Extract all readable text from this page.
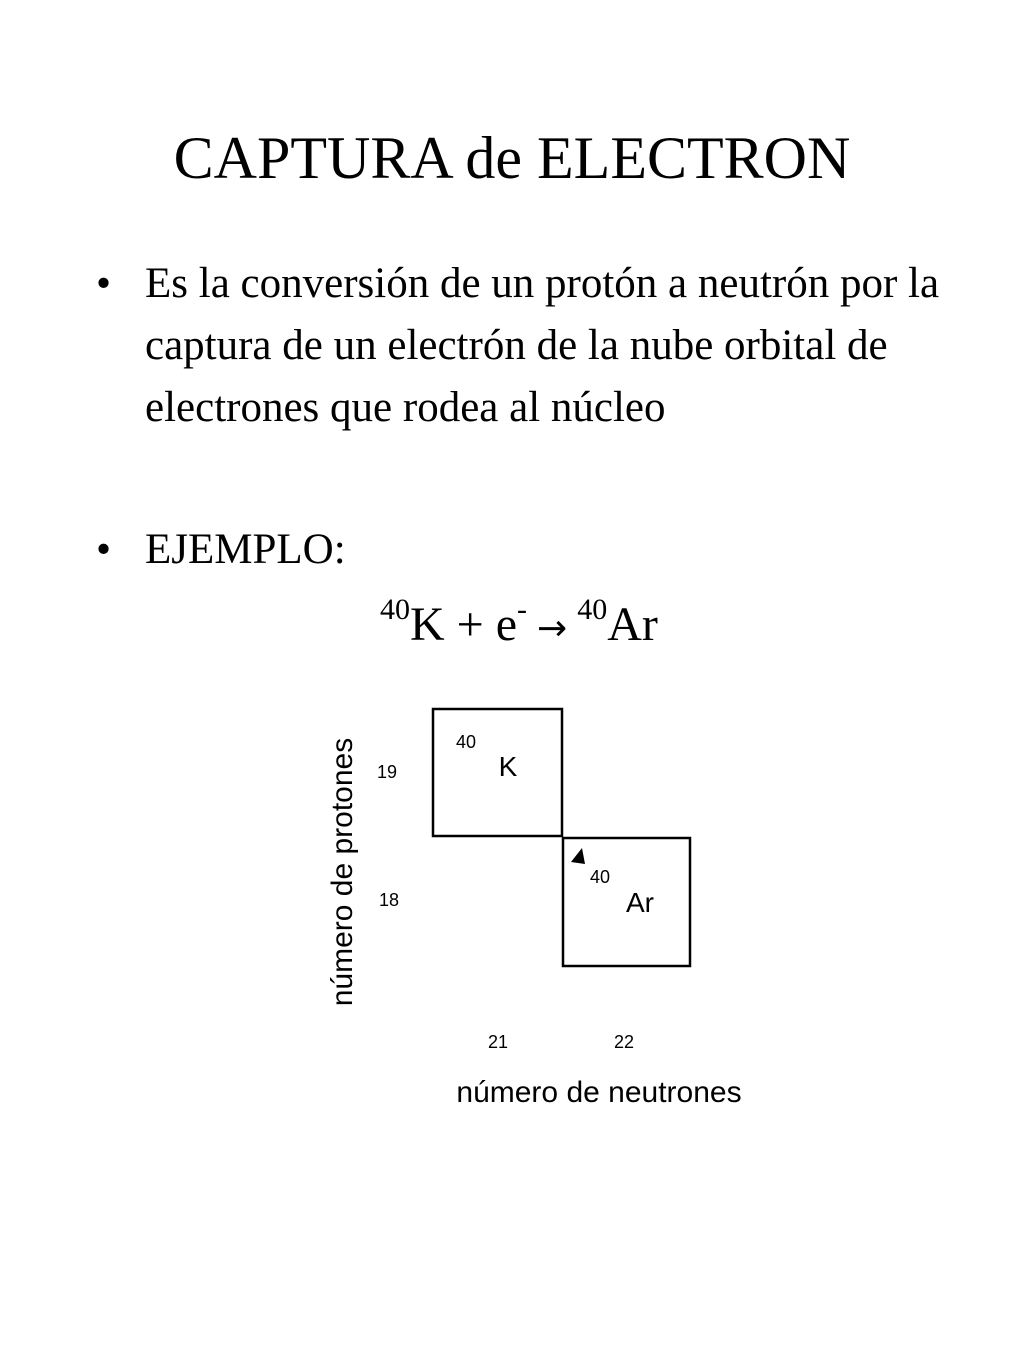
CAPTURA de ELECTRON
• Es la conversión de un protón a neutrón por la captura de un electrón de la nube orbital de electrones que rodea al núcleo
• EJEMPLO:
$^{40}$K + e- → $^{40}$Ar
número de protones 19
18
40
K
40
Ar
21	22
número de neutrones
